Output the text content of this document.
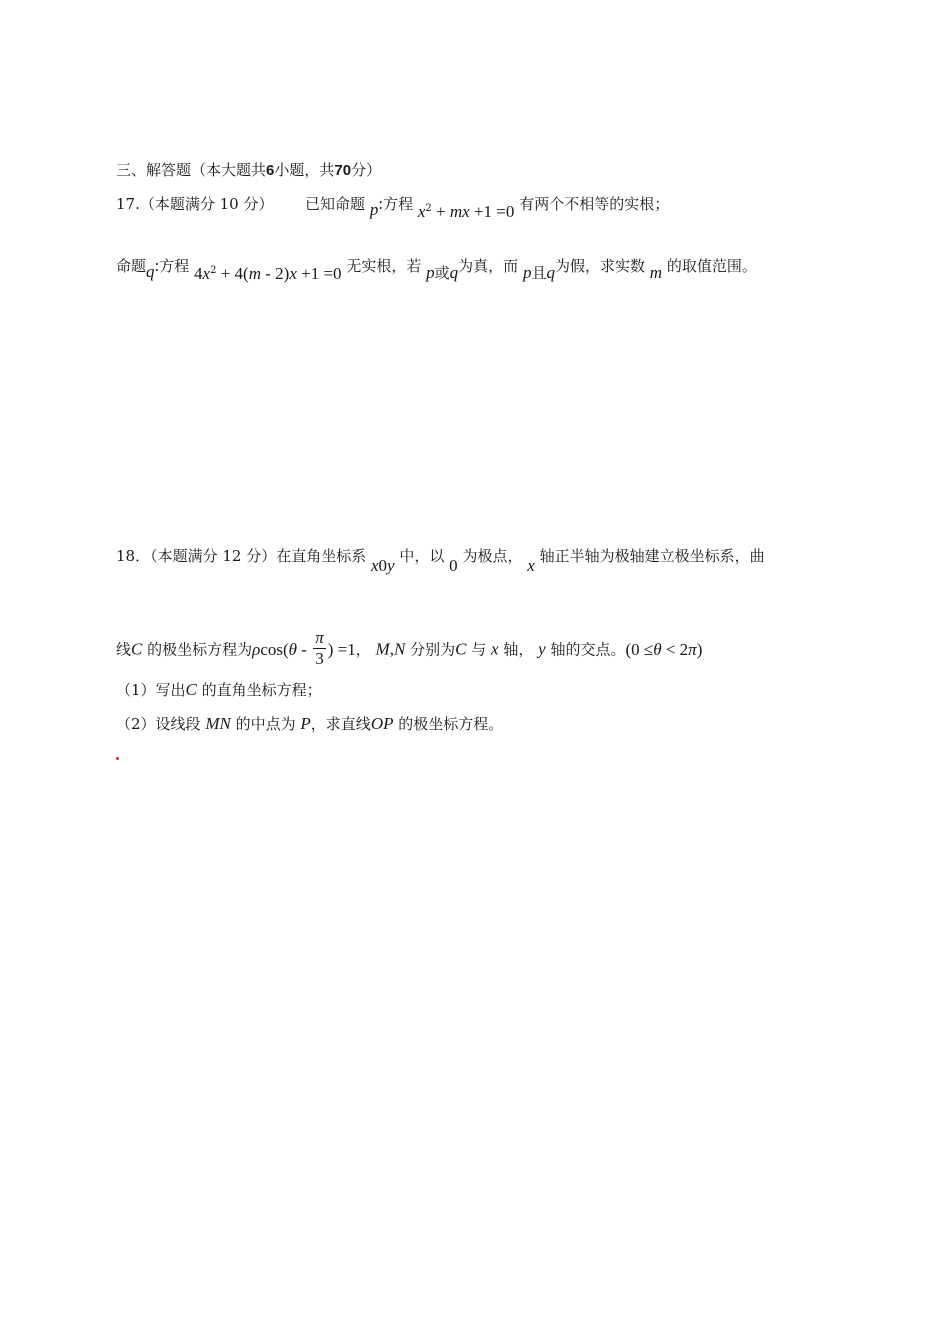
三、解答题（本大题共6小题，共70分）
17.（本题满分 10 分） 已知命题 p:方程 $x^2$ + mx +1 =0 有两个不相等的实根；
命题q:方程 $4x^2 + 4(m - 2)x +1 =0$ 无实根，若 p或q为真，而 p且q为假，求实数 m 的取值范围。
18．（本题满分 12 分）在直角坐标系 x0y 中，以 0 为极点， x 轴正半轴为极轴建立极坐标系，曲
线C 的极坐标方程为$\rho\cos(\theta - \frac{\pi}{3}$ ) =1， M,N 分别为C 与 x 轴， y 轴的交点。(0 ≤θ < 2π)
（1）写出C 的直角坐标方程；
（2）设线段 MN 的中点为 P，求直线OP 的极坐标方程。
